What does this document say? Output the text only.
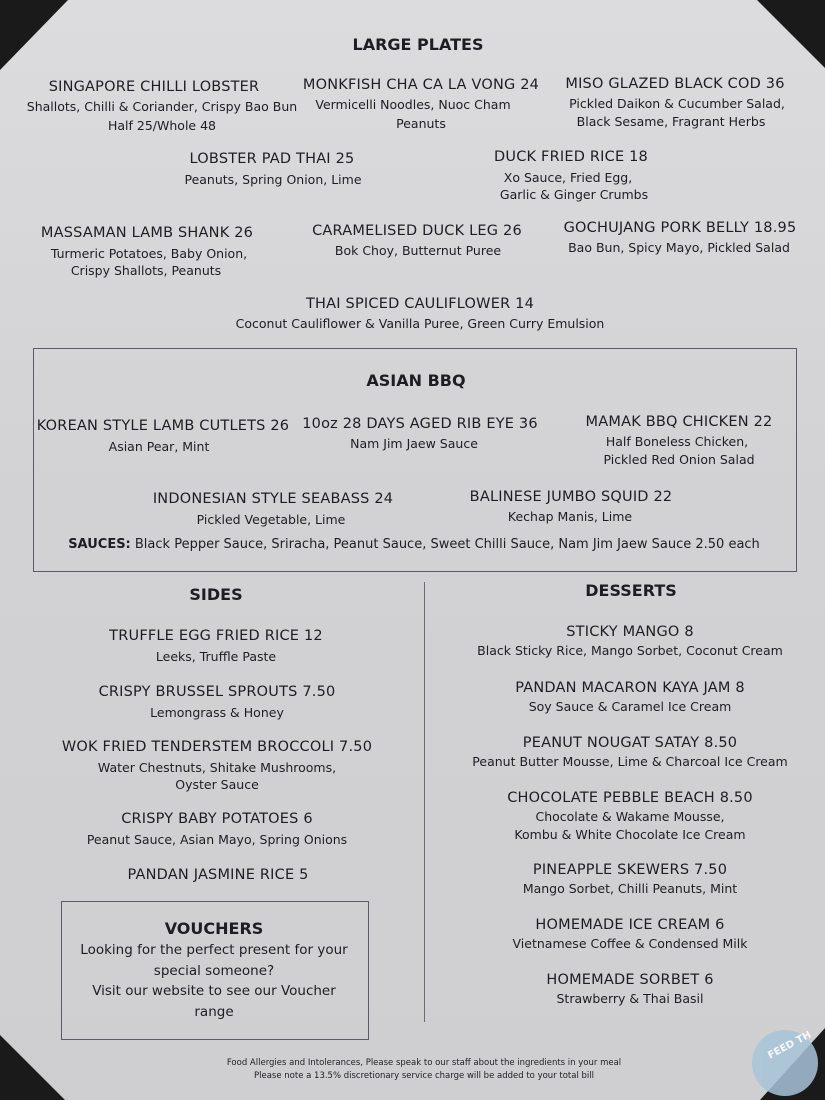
LARGE PLATES
SINGAPORE CHILLI LOBSTER
Shallots, Chilli & Coriander, Crispy Bao Bun
Half 25/Whole 48
MONKFISH CHA CA LA VONG 24
Vermicelli Noodles, Nuoc Cham
Peanuts
MISO GLAZED BLACK COD 36
Pickled Daikon & Cucumber Salad,
Black Sesame, Fragrant Herbs
LOBSTER PAD THAI 25
Peanuts, Spring Onion, Lime
DUCK FRIED RICE 18
Xo Sauce, Fried Egg,
Garlic & Ginger Crumbs
MASSAMAN LAMB SHANK 26
Turmeric Potatoes, Baby Onion,
Crispy Shallots, Peanuts
CARAMELISED DUCK LEG 26
Bok Choy, Butternut Puree
GOCHUJANG PORK BELLY 18.95
Bao Bun, Spicy Mayo, Pickled Salad
THAI SPICED CAULIFLOWER 14
Coconut Cauliflower & Vanilla Puree, Green Curry Emulsion
ASIAN BBQ
KOREAN STYLE LAMB CUTLETS 26
Asian Pear, Mint
10oz 28 DAYS AGED RIB EYE 36
Nam Jim Jaew Sauce
MAMAK BBQ CHICKEN 22
Half Boneless Chicken,
Pickled Red Onion Salad
INDONESIAN STYLE SEABASS 24
Pickled Vegetable, Lime
BALINESE JUMBO SQUID 22
Kechap Manis, Lime
SAUCES: Black Pepper Sauce, Sriracha, Peanut Sauce, Sweet Chilli Sauce, Nam Jim Jaew Sauce 2.50 each
SIDES
TRUFFLE EGG FRIED RICE 12
Leeks, Truffle Paste
CRISPY BRUSSEL SPROUTS 7.50
Lemongrass & Honey
WOK FRIED TENDERSTEM BROCCOLI 7.50
Water Chestnuts, Shitake Mushrooms,
Oyster Sauce
CRISPY BABY POTATOES 6
Peanut Sauce, Asian Mayo, Spring Onions
PANDAN JASMINE RICE 5
VOUCHERS
Looking for the perfect present for your
special someone?
Visit our website to see our Voucher
range
DESSERTS
STICKY MANGO 8
Black Sticky Rice, Mango Sorbet, Coconut Cream
PANDAN MACARON KAYA JAM 8
Soy Sauce & Caramel Ice Cream
PEANUT NOUGAT SATAY 8.50
Peanut Butter Mousse, Lime & Charcoal Ice Cream
CHOCOLATE PEBBLE BEACH 8.50
Chocolate & Wakame Mousse,
Kombu & White Chocolate Ice Cream
PINEAPPLE SKEWERS 7.50
Mango Sorbet, Chilli Peanuts, Mint
HOMEMADE ICE CREAM 6
Vietnamese Coffee & Condensed Milk
HOMEMADE SORBET 6
Strawberry & Thai Basil
Food Allergies and Intolerances, Please speak to our staff about the ingredients in your meal
Please note a 13.5% discretionary service charge will be added to your total bill
FEED TH
